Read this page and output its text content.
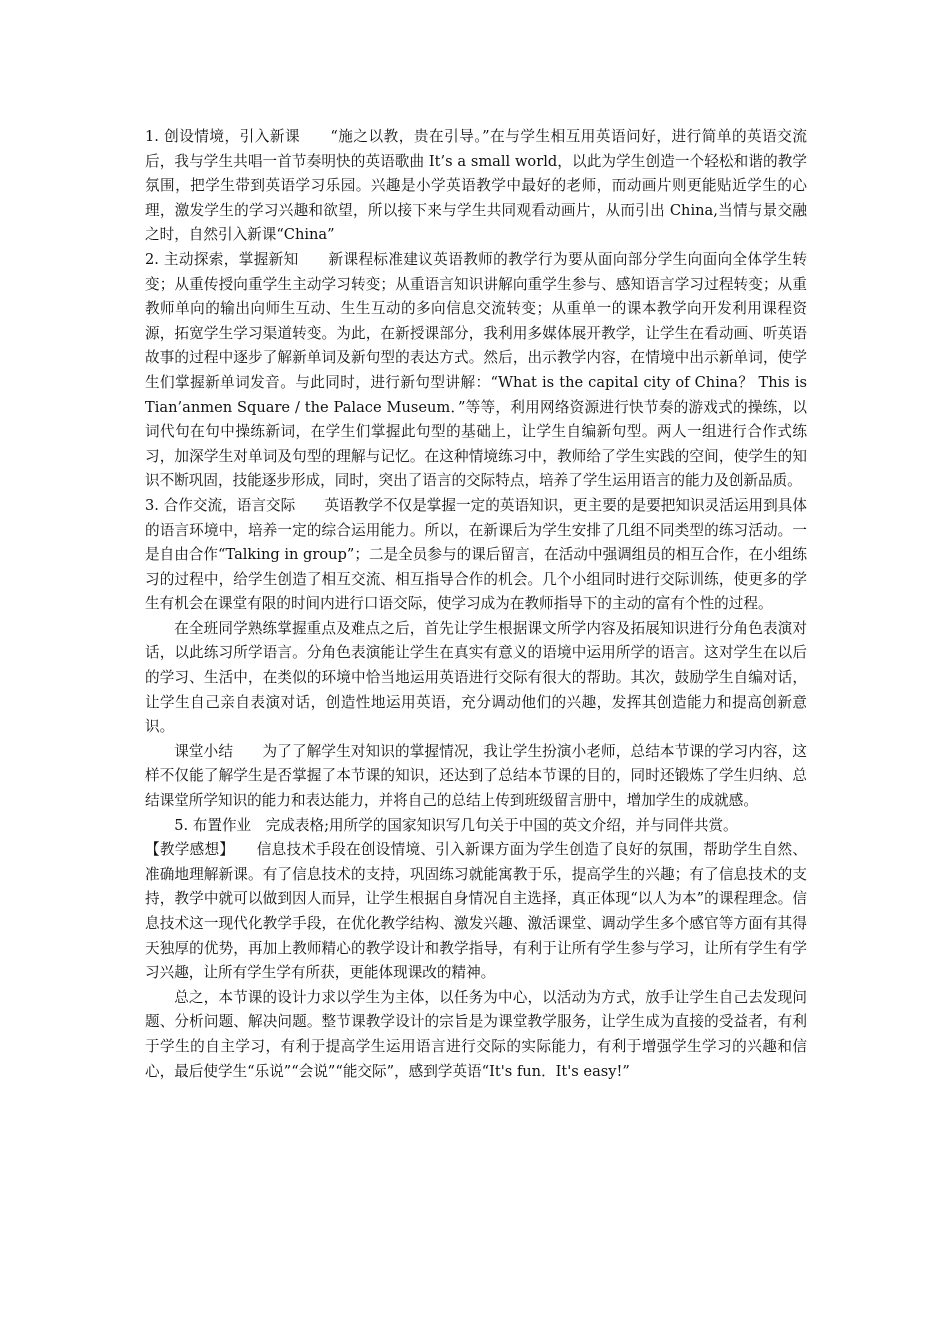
1. 创设情境，引入新课　　“施之以教，贵在引导。”在与学生相互用英语问好，进行简单的英语交流后，我与学生共唱一首节奏明快的英语歌曲 It’s a small world，以此为学生创造一个轻松和谐的教学氛围，把学生带到英语学习乐园。兴趣是小学英语教学中最好的老师，而动画片则更能贴近学生的心理，激发学生的学习兴趣和欲望，所以接下来与学生共同观看动画片，从而引出 China,当情与景交融之时，自然引入新课“China”

2. 主动探索，掌握新知　　新课程标准建议英语教师的教学行为要从面向部分学生向面向全体学生转变；从重传授向重学生主动学习转变；从重语言知识讲解向重学生参与、感知语言学习过程转变；从重教师单向的输出向师生互动、生生互动的多向信息交流转变；从重单一的课本教学向开发利用课程资源，拓宽学生学习渠道转变。为此，在新授课部分，我利用多媒体展开教学，让学生在看动画、听英语故事的过程中逐步了解新单词及新句型的表达方式。然后，出示教学内容，在情境中出示新单词，使学生们掌握新单词发音。与此同时，进行新句型讲解：“What is the capital city of China？ This is Tian’anmen Square / the Palace Museum．”等等，利用网络资源进行快节奏的游戏式的操练，以词代句在句中操练新词，在学生们掌握此句型的基础上，让学生自编新句型。两人一组进行合作式练习，加深学生对单词及句型的理解与记忆。在这种情境练习中，教师给了学生实践的空间，使学生的知识不断巩固，技能逐步形成，同时，突出了语言的交际特点，培养了学生运用语言的能力及创新品质。

3. 合作交流，语言交际　　英语教学不仅是掌握一定的英语知识，更主要的是要把知识灵活运用到具体的语言环境中，培养一定的综合运用能力。所以，在新课后为学生安排了几组不同类型的练习活动。一是自由合作“Talking in group”；二是全员参与的课后留言，在活动中强调组员的相互合作，在小组练习的过程中，给学生创造了相互交流、相互指导合作的机会。几个小组同时进行交际训练，使更多的学生有机会在课堂有限的时间内进行口语交际，使学习成为在教师指导下的主动的富有个性的过程。

在全班同学熟练掌握重点及难点之后，首先让学生根据课文所学内容及拓展知识进行分角色表演对话，以此练习所学语言。分角色表演能让学生在真实有意义的语境中运用所学的语言。这对学生在以后的学习、生活中，在类似的环境中恰当地运用英语进行交际有很大的帮助。其次，鼓励学生自编对话，让学生自己亲自表演对话，创造性地运用英语，充分调动他们的兴趣，发挥其创造能力和提高创新意识。

课堂小结　　为了了解学生对知识的掌握情况，我让学生扮演小老师，总结本节课的学习内容，这样不仅能了解学生是否掌握了本节课的知识，还达到了总结本节课的目的，同时还锻炼了学生归纳、总结课堂所学知识的能力和表达能力，并将自己的总结上传到班级留言册中，增加学生的成就感。

5. 布置作业　完成表格;用所学的国家知识写几句关于中国的英文介绍，并与同伴共赏。

【教学感想】　　信息技术手段在创设情境、引入新课方面为学生创造了良好的氛围，帮助学生自然、准确地理解新课。有了信息技术的支持，巩固练习就能寓教于乐，提高学生的兴趣；有了信息技术的支持，教学中就可以做到因人而异，让学生根据自身情况自主选择，真正体现“以人为本”的课程理念。信息技术这一现代化教学手段，在优化教学结构、激发兴趣、激活课堂、调动学生多个感官等方面有其得天独厚的优势，再加上教师精心的教学设计和教学指导，有利于让所有学生参与学习，让所有学生有学习兴趣，让所有学生学有所获，更能体现课改的精神。

总之，本节课的设计力求以学生为主体，以任务为中心，以活动为方式，放手让学生自己去发现问题、分析问题、解决问题。整节课教学设计的宗旨是为课堂教学服务，让学生成为直接的受益者，有利于学生的自主学习，有利于提高学生运用语言进行交际的实际能力，有利于增强学生学习的兴趣和信心，最后使学生“乐说”“会说”“能交际”，感到学英语“It's fun．It's easy!”
